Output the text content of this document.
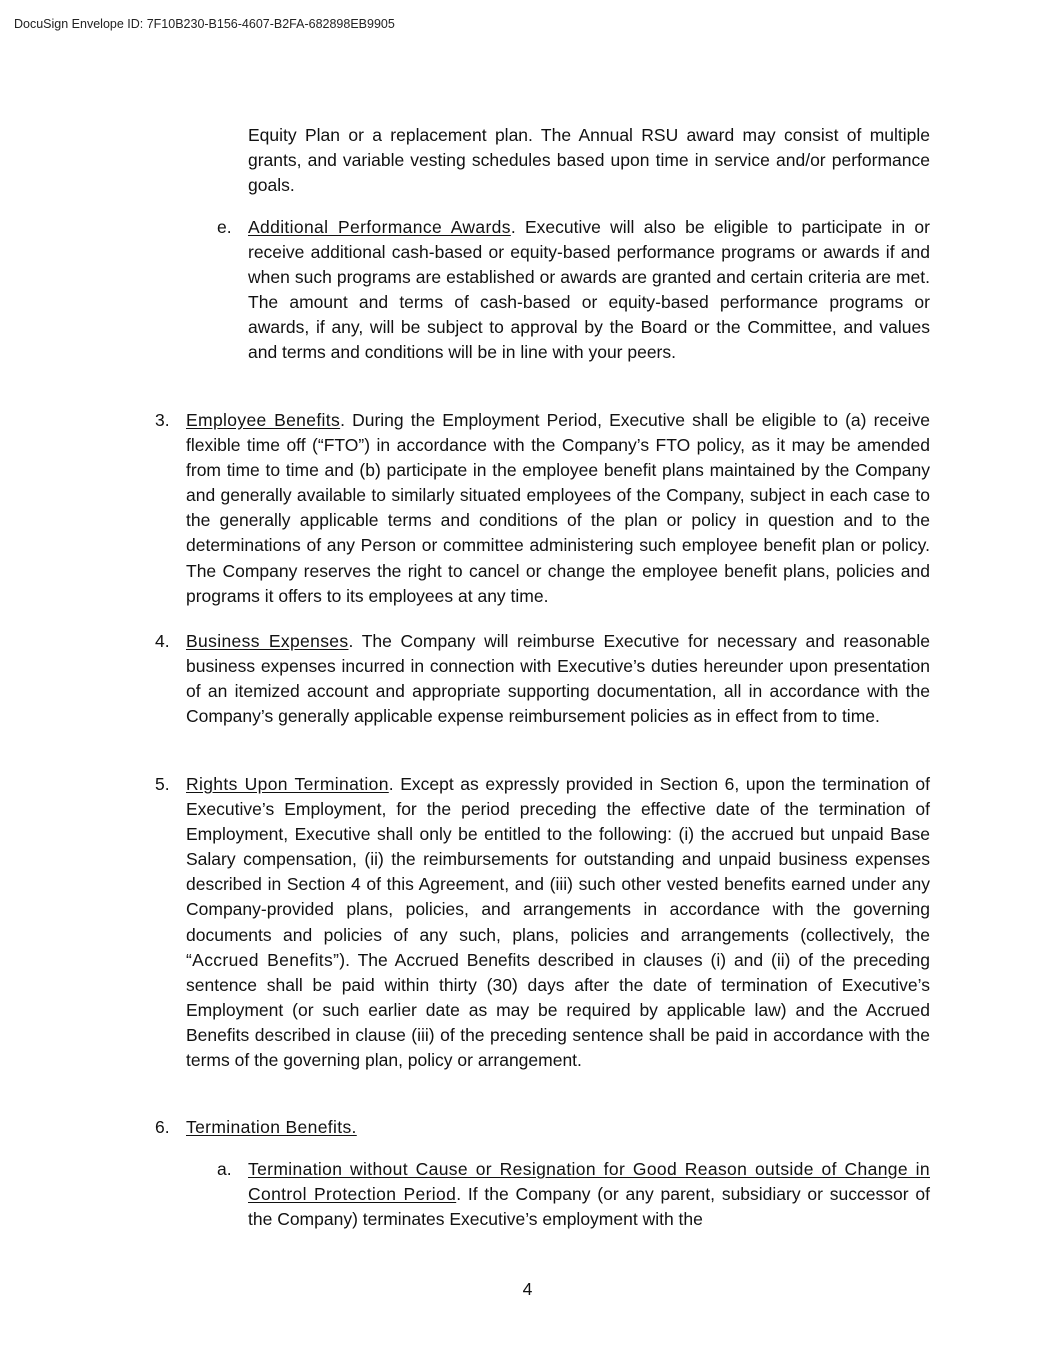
DocuSign Envelope ID: 7F10B230-B156-4607-B2FA-682898EB9905

Equity Plan or a replacement plan. The Annual RSU award may consist of multiple grants, and variable vesting schedules based upon time in service and/or performance goals.

e. Additional Performance Awards. Executive will also be eligible to participate in or receive additional cash-based or equity-based performance programs or awards if and when such programs are established or awards are granted and certain criteria are met. The amount and terms of cash-based or equity-based performance programs or awards, if any, will be subject to approval by the Board or the Committee, and values and terms and conditions will be in line with your peers.

3. Employee Benefits. During the Employment Period, Executive shall be eligible to (a) receive flexible time off (“FTO”) in accordance with the Company’s FTO policy, as it may be amended from time to time and (b) participate in the employee benefit plans maintained by the Company and generally available to similarly situated employees of the Company, subject in each case to the generally applicable terms and conditions of the plan or policy in question and to the determinations of any Person or committee administering such employee benefit plan or policy. The Company reserves the right to cancel or change the employee benefit plans, policies and programs it offers to its employees at any time.

4. Business Expenses. The Company will reimburse Executive for necessary and reasonable business expenses incurred in connection with Executive’s duties hereunder upon presentation of an itemized account and appropriate supporting documentation, all in accordance with the Company’s generally applicable expense reimbursement policies as in effect from to time.

5. Rights Upon Termination. Except as expressly provided in Section 6, upon the termination of Executive’s Employment, for the period preceding the effective date of the termination of Employment, Executive shall only be entitled to the following: (i) the accrued but unpaid Base Salary compensation, (ii) the reimbursements for outstanding and unpaid business expenses described in Section 4 of this Agreement, and (iii) such other vested benefits earned under any Company-provided plans, policies, and arrangements in accordance with the governing documents and policies of any such, plans, policies and arrangements (collectively, the “Accrued Benefits”). The Accrued Benefits described in clauses (i) and (ii) of the preceding sentence shall be paid within thirty (30) days after the date of termination of Executive’s Employment (or such earlier date as may be required by applicable law) and the Accrued Benefits described in clause (iii) of the preceding sentence shall be paid in accordance with the terms of the governing plan, policy or arrangement.

6. Termination Benefits.

a. Termination without Cause or Resignation for Good Reason outside of Change in Control Protection Period. If the Company (or any parent, subsidiary or successor of the Company) terminates Executive’s employment with the

4
